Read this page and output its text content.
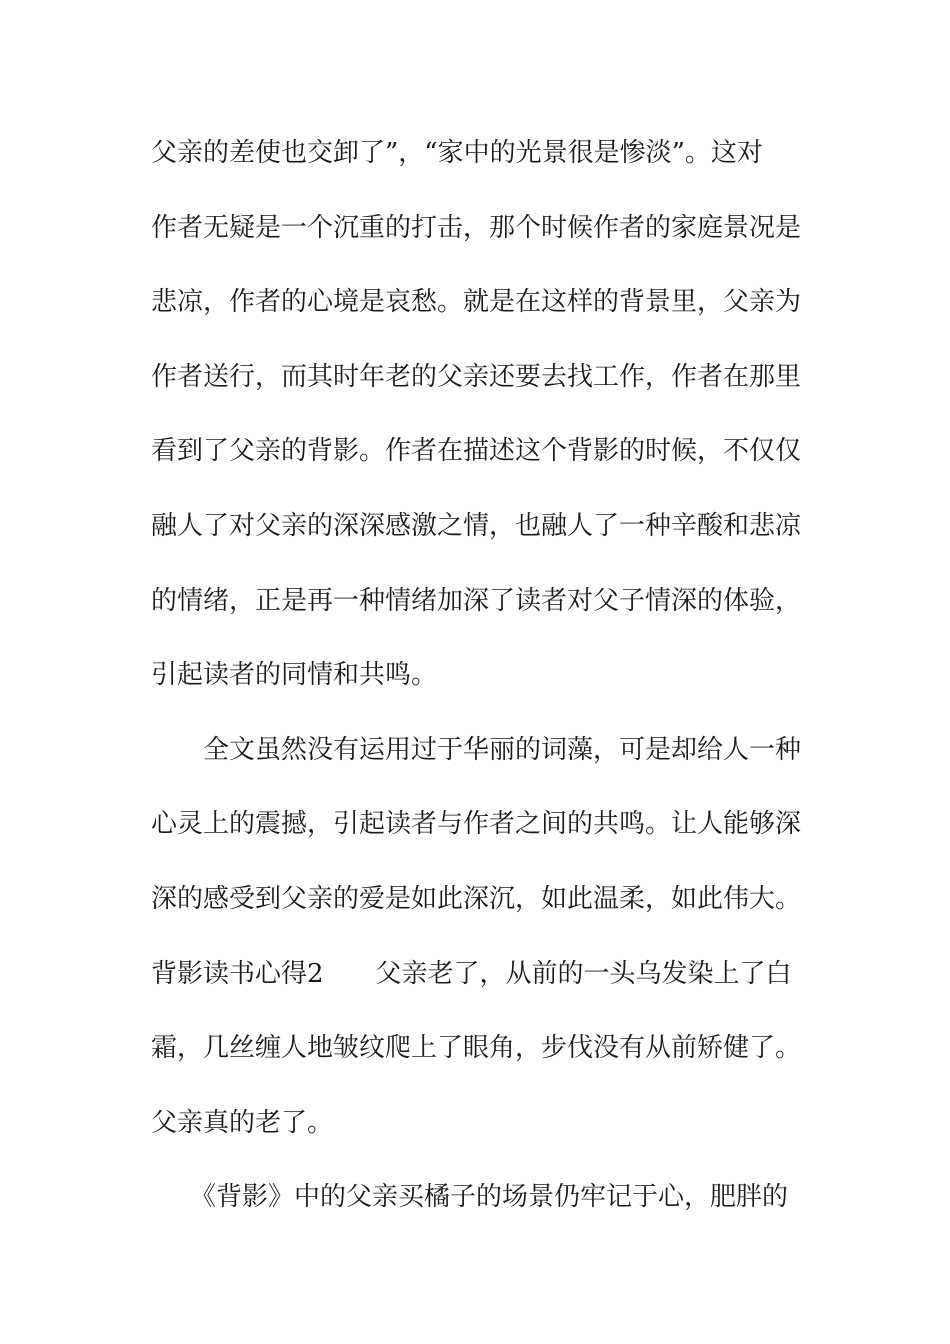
父亲的差使也交卸了”，“家中的光景很是惨淡”。这对
作者无疑是一个沉重的打击，那个时候作者的家庭景况是
悲凉，作者的心境是哀愁。就是在这样的背景里，父亲为
作者送行，而其时年老的父亲还要去找工作，作者在那里
看到了父亲的背影。作者在描述这个背影的时候，不仅仅
融人了对父亲的深深感激之情，也融人了一种辛酸和悲凉
的情绪，正是再一种情绪加深了读者对父子情深的体验，
引起读者的同情和共鸣。
　　全文虽然没有运用过于华丽的词藻，可是却给人一种
心灵上的震撼，引起读者与作者之间的共鸣。让人能够深
深的感受到父亲的爱是如此深沉，如此温柔，如此伟大。
背影读书心得2　　父亲老了，从前的一头乌发染上了白
霜，几丝缠人地皱纹爬上了眼角，步伐没有从前矫健了。
父亲真的老了。
　　《背影》中的父亲买橘子的场景仍牢记于心，肥胖的
